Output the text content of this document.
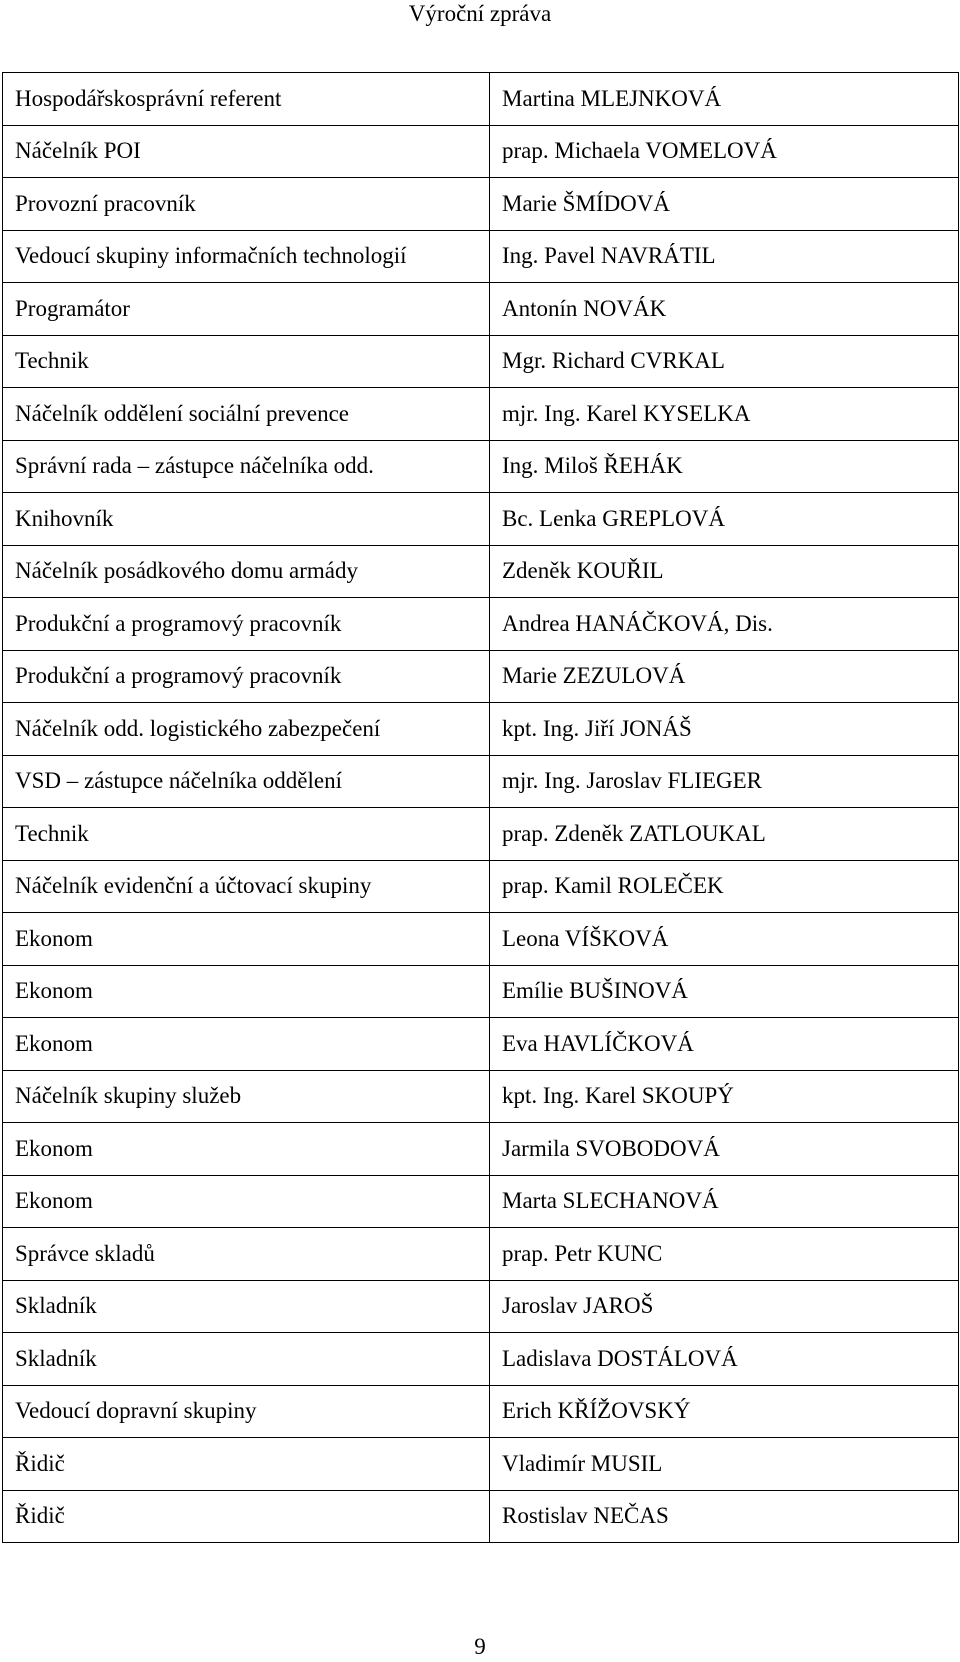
Výroční zpráva
Hospodářskosprávní referent	Martina MLEJNKOVÁ
Náčelník POI	prap. Michaela VOMELOVÁ
Provozní pracovník	Marie ŠMÍDOVÁ
Vedoucí skupiny informačních technologií	Ing. Pavel NAVRÁTIL
Programátor	Antonín NOVÁK
Technik	Mgr. Richard CVRKAL
Náčelník oddělení sociální prevence	mjr. Ing. Karel KYSELKA
Správní rada – zástupce náčelníka odd.	Ing. Miloš ŘEHÁK
Knihovník	Bc. Lenka GREPLOVÁ
Náčelník posádkového domu armády	Zdeněk KOUŘIL
Produkční a programový pracovník	Andrea HANÁČKOVÁ, Dis.
Produkční a programový pracovník	Marie ZEZULOVÁ
Náčelník odd. logistického zabezpečení	kpt. Ing. Jiří JONÁŠ
VSD – zástupce náčelníka oddělení	mjr. Ing. Jaroslav FLIEGER
Technik	prap. Zdeněk ZATLOUKAL
Náčelník evidenční a účtovací skupiny	prap. Kamil ROLEČEK
Ekonom	Leona VÍŠKOVÁ
Ekonom	Emílie BUŠINOVÁ
Ekonom	Eva HAVLÍČKOVÁ
Náčelník skupiny služeb	kpt. Ing. Karel SKOUPÝ
Ekonom	Jarmila SVOBODOVÁ
Ekonom	Marta SLECHANOVÁ
Správce skladů	prap. Petr KUNC
Skladník	Jaroslav JAROŠ
Skladník	Ladislava DOSTÁLOVÁ
Vedoucí dopravní skupiny	Erich KŘÍŽOVSKÝ
Řidič	Vladimír MUSIL
Řidič	Rostislav NEČAS
9
